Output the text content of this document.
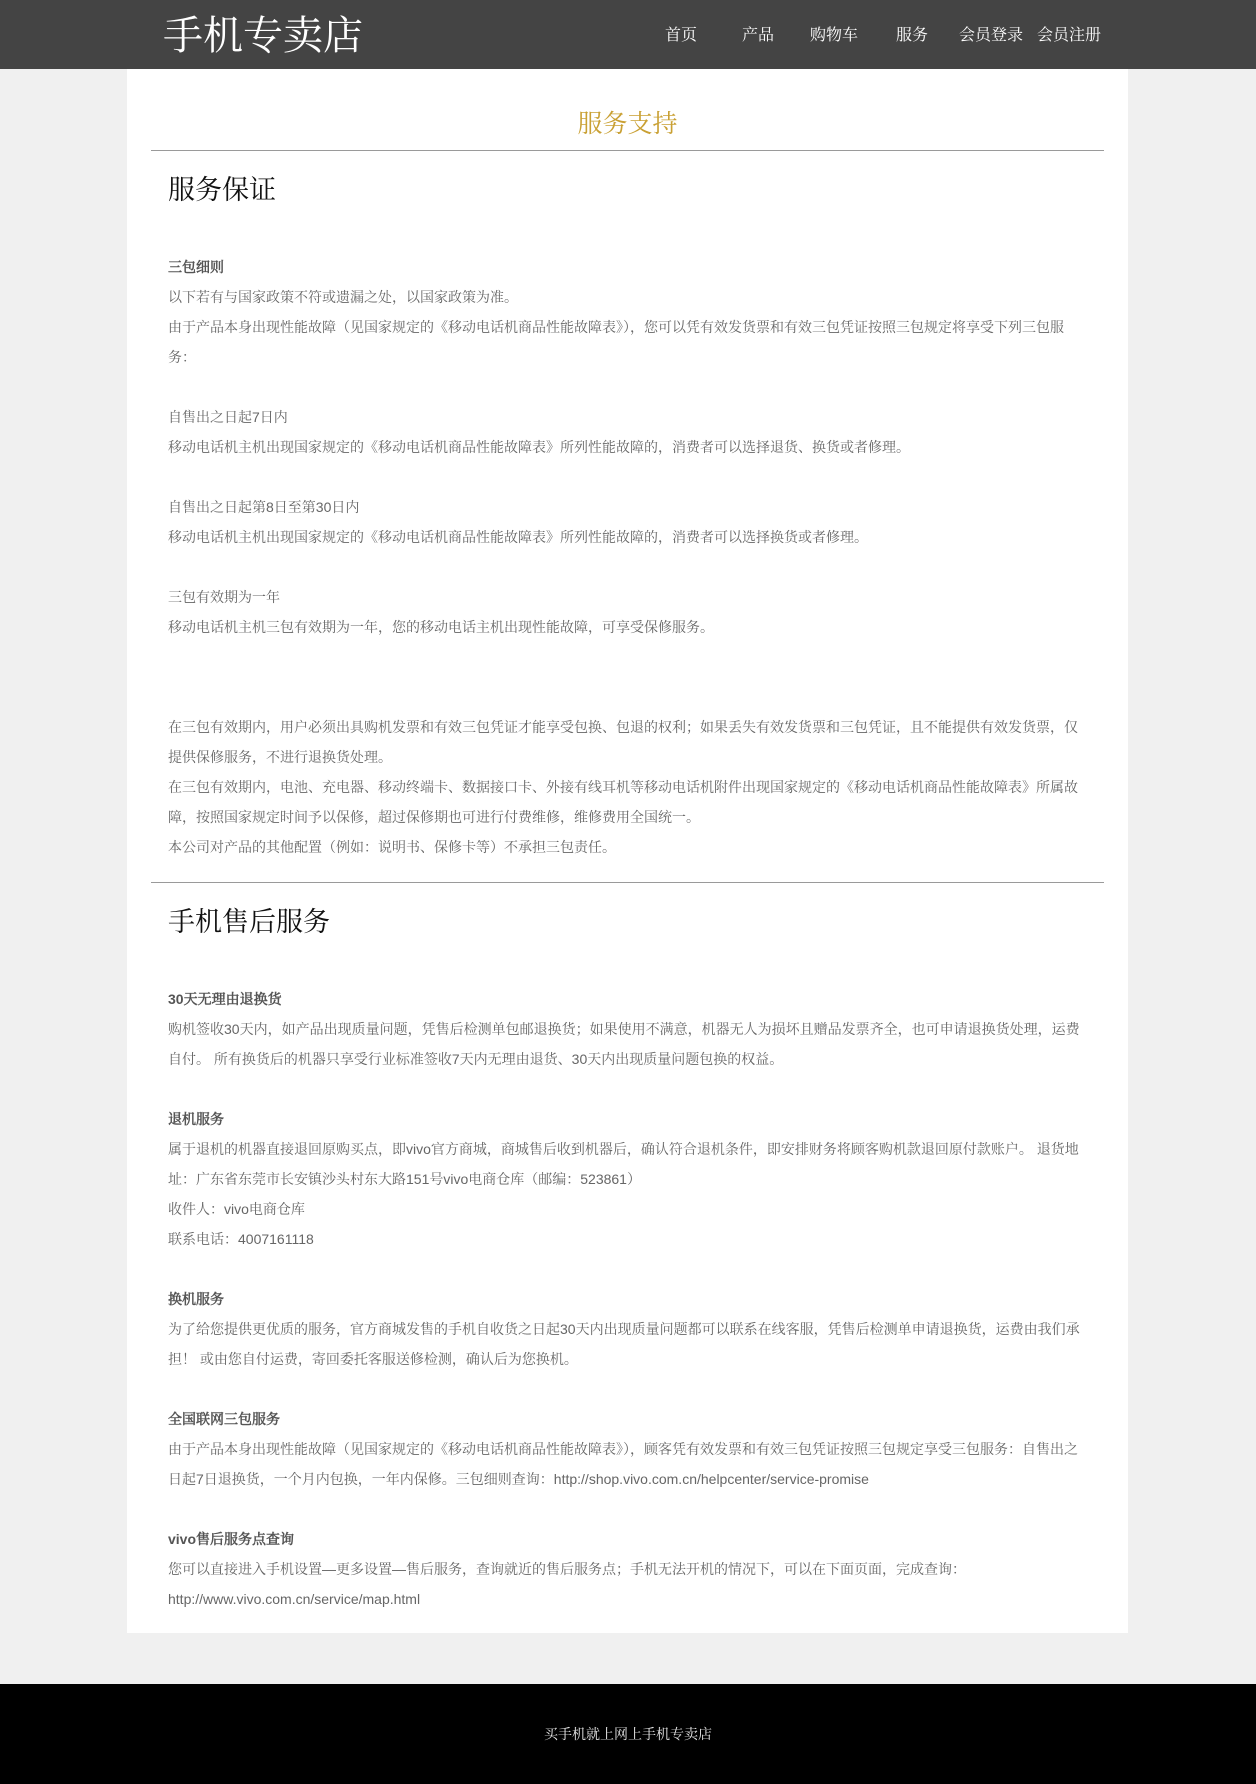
手机专卖店	首页	产品 购物车 服务 会员登录 会员注册
服务支持
服务保证

三包细则

以下若有与国家政策不符或遗漏之处，以国家政策为准。

由于产品本身出现性能故障（见国家规定的《移动电话机商品性能故障表》），您可以凭有效发货票和有效三包凭证按照三包规定将享受下列三包服务：

自售出之日起7日内

移动电话机主机出现国家规定的《移动电话机商品性能故障表》所列性能故障的，消费者可以选择退货、换货或者修理。

自售出之日起第8日至第30日内

移动电话机主机出现国家规定的《移动电话机商品性能故障表》所列性能故障的，消费者可以选择换货或者修理。

三包有效期为一年

移动电话机主机三包有效期为一年，您的移动电话主机出现性能故障，可享受保修服务。

在三包有效期内，用户必须出具购机发票和有效三包凭证才能享受包换、包退的权利；如果丢失有效发货票和三包凭证，且不能提供有效发货票，仅提供保修服务，不进行退换货处理。

在三包有效期内，电池、充电器、移动终端卡、数据接口卡、外接有线耳机等移动电话机附件出现国家规定的《移动电话机商品性能故障表》所属故障，按照国家规定时间予以保修，超过保修期也可进行付费维修，维修费用全国统一。

本公司对产品的其他配置（例如：说明书、保修卡等）不承担三包责任。

手机售后服务

30天无理由退换货

购机签收30天内，如产品出现质量问题，凭售后检测单包邮退换货；如果使用不满意，机器无人为损坏且赠品发票齐全，也可申请退换货处理，运费自付。 所有换货后的机器只享受行业标准签收7天内无理由退货、30天内出现质量问题包换的权益。

退机服务

属于退机的机器直接退回原购买点，即vivo官方商城，商城售后收到机器后，确认符合退机条件，即安排财务将顾客购机款退回原付款账户。 退货地址：广东省东莞市长安镇沙头村东大路151号vivo电商仓库（邮编：523861）

收件人：vivo电商仓库

联系电话：4007161118

换机服务

为了给您提供更优质的服务，官方商城发售的手机自收货之日起30天内出现质量问题都可以联系在线客服，凭售后检测单申请退换货，运费由我们承担！ 或由您自付运费，寄回委托客服送修检测，确认后为您换机。

全国联网三包服务

由于产品本身出现性能故障（见国家规定的《移动电话机商品性能故障表》），顾客凭有效发票和有效三包凭证按照三包规定享受三包服务：自售出之日起7日退换货，一个月内包换，一年内保修。三包细则查询：http://shop.vivo.com.cn/helpcenter/service-promise

vivo售后服务点查询

您可以直接进入手机设置—更多设置—售后服务，查询就近的售后服务点；手机无法开机的情况下，可以在下面页面，完成查询：http://www.vivo.com.cn/service/map.html

买手机就上网上手机专卖店
